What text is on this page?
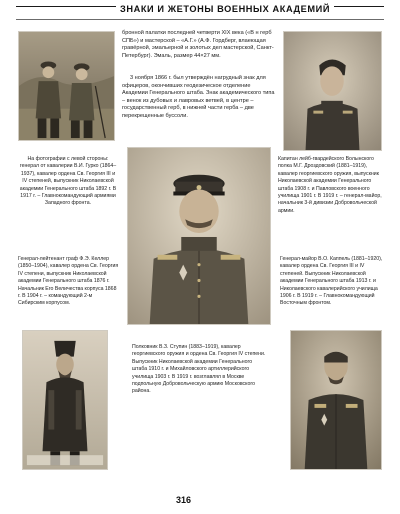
ЗНАКИ И ЖЕТОНЫ ВОЕННЫХ АКАДЕМИЙ

бронной палатки последней четверти XIX века («В н герб СПБ») и мастерской – «А.Г.» (А.Ф. Гордберг, влаеющая гравёрной, эмальерной и золотых дел мастерской, Санкт-Петербург). Эмаль, размер 44×27 мм.

3 ноября 1866 г. был утверждён нагрудный знак для офицеров, окончивших геодезическое отделение Академии Генерального штаба. Знак академического типа – венок из дубовых и лавровых ветвей, в центре – государственный герб, в нижней части герба – две перекрещенные буссоли.

На фотографии с левой стороны: генерал от кавалерии В.И. Гурко (1864–1937), кавалер ордена Св. Георгия III и IV степеней, выпускник Николаевской академии Генерального штаба 1892 г. В 1917 г. – Главнокомандующий армиями Западного фронта.

Капитан лейб-гвардейского Волынского полка М.Г. Дроздовский (1881–1919), кавалер георгиевского оружия, выпускник Николаевской академии Генерального штаба 1908 г. и Павловского военного училища 1901 г. В 1919 г. – генерал-майор, начальник 3-й дивизии Добровольческой армии.

Генерал-лейтенант граф Ф.Э. Келлер (1850–1904), кавалер ордена Св. Георгия IV степени, выпускник Николаевской академии Генерального штаба 1876 г. Начальник Его Величества корпуса 1868 г. В 1904 г. – командующий 2-м Сибирским корпусом.

Генерал-майор В.О. Каппель (1881–1920), кавалер ордена Св. Георгия III и IV степеней. Выпускник Николаевской академии Генерального штаба 1913 г. и Николаевского кавалерийского училища 1906 г. В 1919 г. – Главнокомандующий Восточным фронтом.

Полковник В.З. Ступин (1883–1919), кавалер георгиевского оружия и ордена Св. Георгия IV степени. Выпускник Николаевской академии Генерального штаба 1910 г. и Михайловского артиллерийского училища 1903 г. В 1919 г. возглавлял в Москве подпольную Добровольческую армию Московского района.

316
